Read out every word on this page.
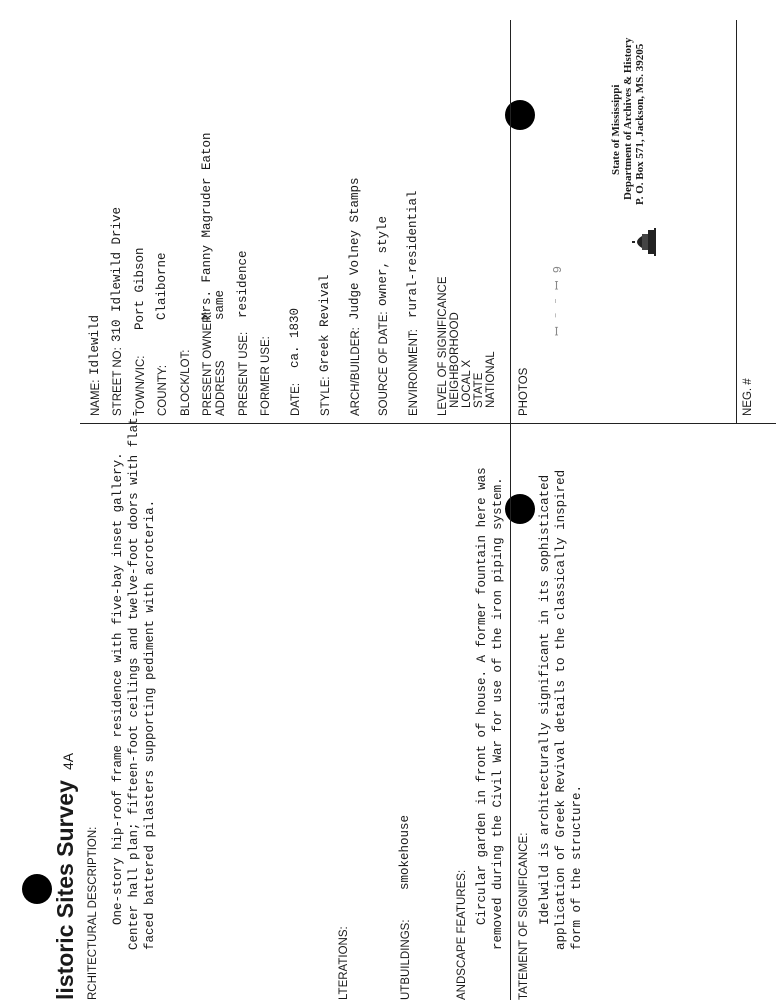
State of Mississippi Department of Archives & History P. O. Box 571, Jackson, MS. 39205
ꟷ ⁻ ⁻ ꟷ 9
listoric Sites Survey
4A
RCHITECTURAL DESCRIPTION: One-story hip-roof frame residence with five-bay inset gallery. Center hall plan; fifteen-foot ceilings and twelve-foot doors with flat- faced battered pilasters supporting pediment with acroteria.
LTERATIONS:	UTBUILDINGS:
smokehouse
ANDSCAPE FEATURES:
Circular garden in front of house. A former fountain here was removed during the Civil War for use of the iron piping system. TATEMENT OF SIGNIFICANCE: Idelwild is architecturally significant in its sophisticated application of Greek Revival details to the classically inspired form of the structure.
NAME:
Idlewild
STREET NO:
310 Idlewild Drive
TOWN/VIC:
Port Gibson
COUNTY:
Claiborne
BLOCK/LOT: PRESENT OWNER:
Mrs. Fanny Magruder Eaton
ADDRESS
same
PRESENT USE:
residence
FORMER USE: DATE:
ca. 1830
STYLE:
Greek Revival ARCH/BUILDER:
Judge Volney Stamps
SOURCE OF DATE:
owner, style
ENVIRONMENT:
rural-residential
LEVEL OF SIGNIFICANCE NEIGHBORHOOD LOCAL X STATE NATIONAL PHOTOS	NEG. #
